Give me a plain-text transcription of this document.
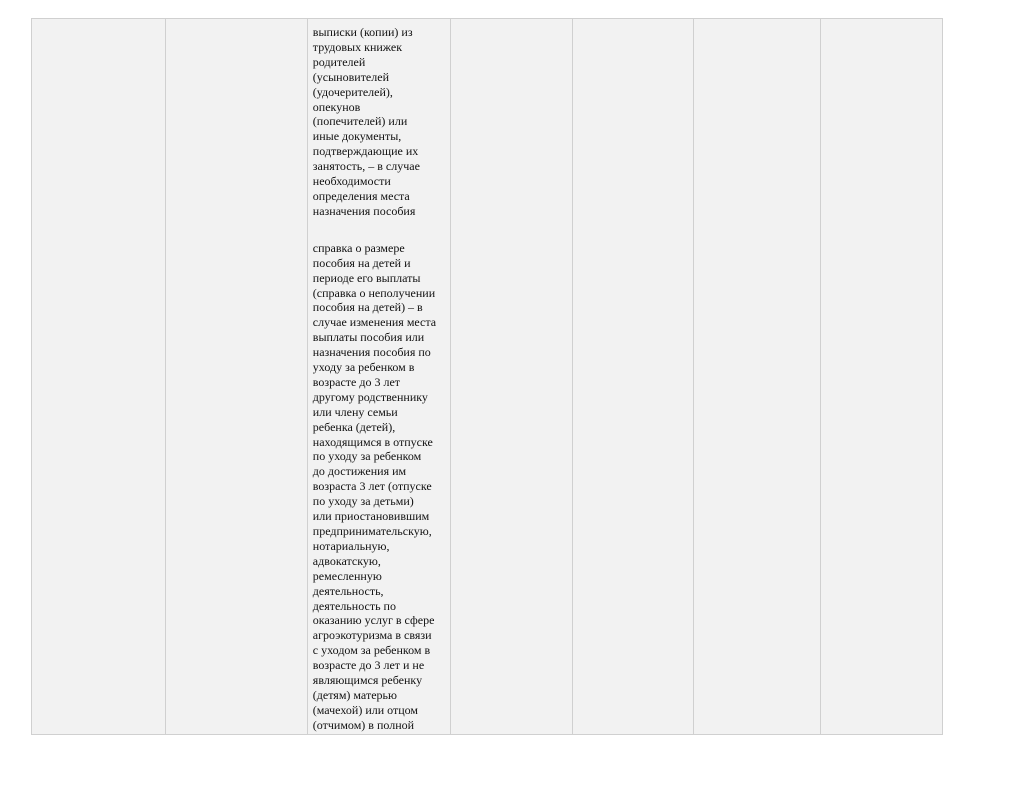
выписки (копии) из
трудовых книжек
родителей
(усыновителей
(удочерителей),
опекунов
(попечителей) или
иные документы,
подтверждающие их
занятость, – в случае
необходимости
определения места
назначения пособия

справка о размере
пособия на детей и
периоде его выплаты
(справка о неполучении
пособия на детей) – в
случае изменения места
выплаты пособия или
назначения пособия по
уходу за ребенком в
возрасте до 3 лет
другому родственнику
или члену семьи
ребенка (детей),
находящимся в отпуске
по уходу за ребенком
до достижения им
возраста 3 лет (отпуске
по уходу за детьми)
или приостановившим
предпринимательскую,
нотариальную,
адвокатскую,
ремесленную
деятельность,
деятельность по
оказанию услуг в сфере
агроэкотуризма в связи
с уходом за ребенком в
возрасте до 3 лет и не
являющимся ребенку
(детям) матерью
(мачехой) или отцом
(отчимом) в полной
